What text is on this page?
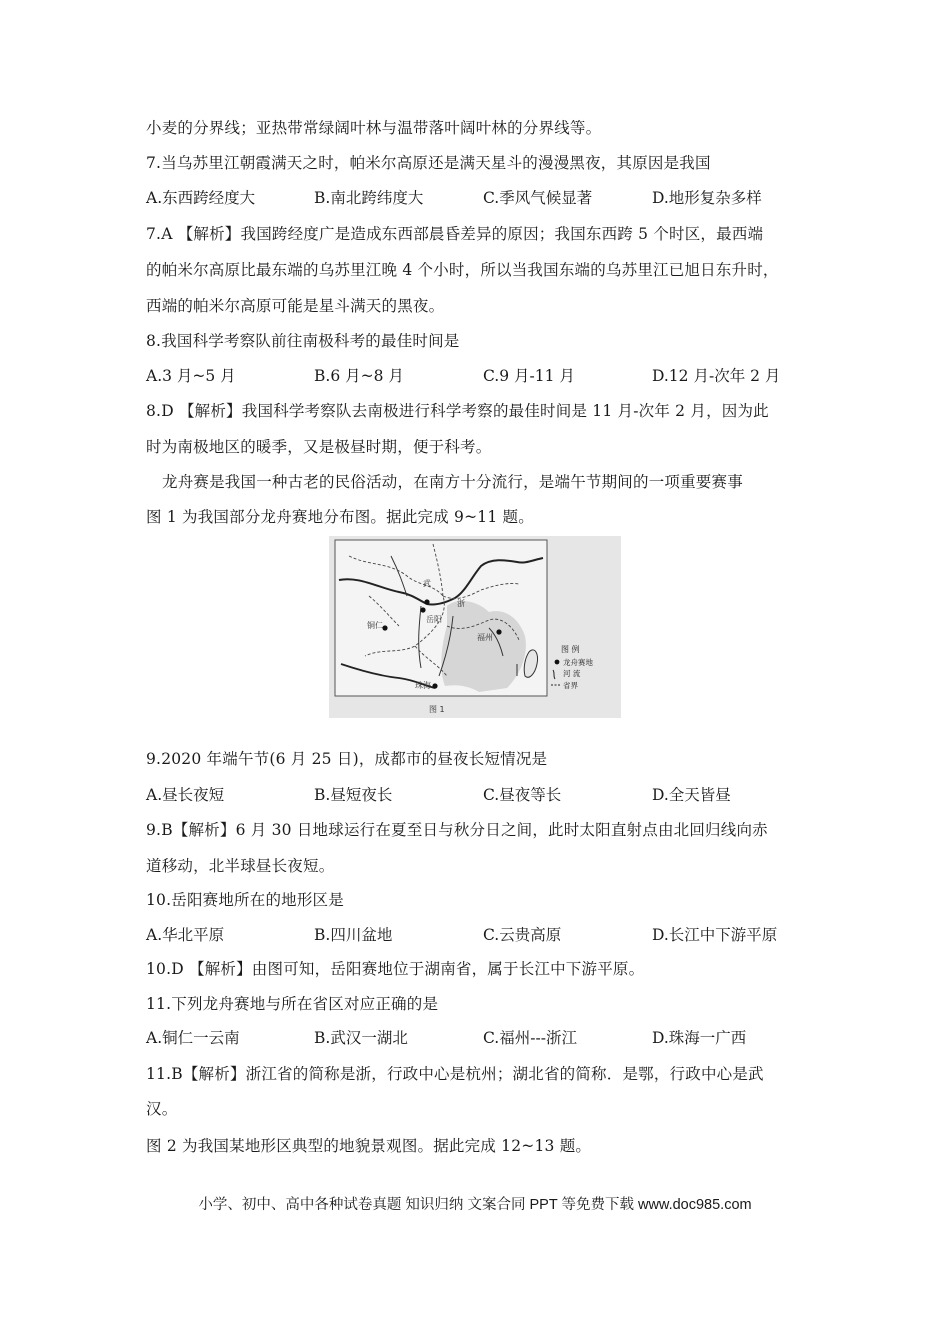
小麦的分界线；亚热带常绿阔叶林与温带落叶阔叶林的分界线等。
7.当乌苏里江朝霞满天之时，帕米尔高原还是满天星斗的漫漫黑夜，其原因是我国
A.东西跨经度大	B.南北跨纬度大	C.季风气候显著	D.地形复杂多样
7.A 【解析】我国跨经度广是造成东西部晨昏差异的原因；我国东西跨 5 个时区，最西端
的帕米尔高原比最东端的乌苏里江晚 4 个小时，所以当我国东端的乌苏里江已旭日东升时，
西端的帕米尔高原可能是星斗满天的黑夜。
8.我国科学考察队前往南极科考的最佳时间是
A.3 月~5 月	B.6 月~8 月	C.9 月-11 月	D.12 月-次年 2 月
8.D 【解析】我国科学考察队去南极进行科学考察的最佳时间是 11 月-次年 2 月，因为此
时为南极地区的暖季，又是极昼时期，便于科考。
龙舟赛是我国一种古老的民俗活动，在南方十分流行，是端午节期间的一项重要赛事
图 1 为我国部分龙舟赛地分布图。据此完成 9~11 题。
武
岳阳
铜仁
福州
珠海
浙
图 例
龙舟赛地
河 流
省界
图 1
9.2020 年端午节(6 月 25 日)，成都市的昼夜长短情况是
A.昼长夜短	B.昼短夜长	C.昼夜等长	D.全天皆昼
9.B【解析】6 月 30 日地球运行在夏至日与秋分日之间，此时太阳直射点由北回归线向赤
道移动，北半球昼长夜短。
10.岳阳赛地所在的地形区是
A.华北平原	B.四川盆地	C.云贵高原	D.长江中下游平原
10.D 【解析】由图可知，岳阳赛地位于湖南省，属于长江中下游平原。
11.下列龙舟赛地与所在省区对应正确的是
A.铜仁一云南	B.武汉一湖北	C.福州---浙江	D.珠海一广西
11.B【解析】浙江省的简称是浙，行政中心是杭州；湖北省的简称．是鄂，行政中心是武
汉。
图 2 为我国某地形区典型的地貌景观图。据此完成 12~13 题。
小学、初中、高中各种试卷真题 知识归纳 文案合同 PPT 等免费下载 www.doc985.com
